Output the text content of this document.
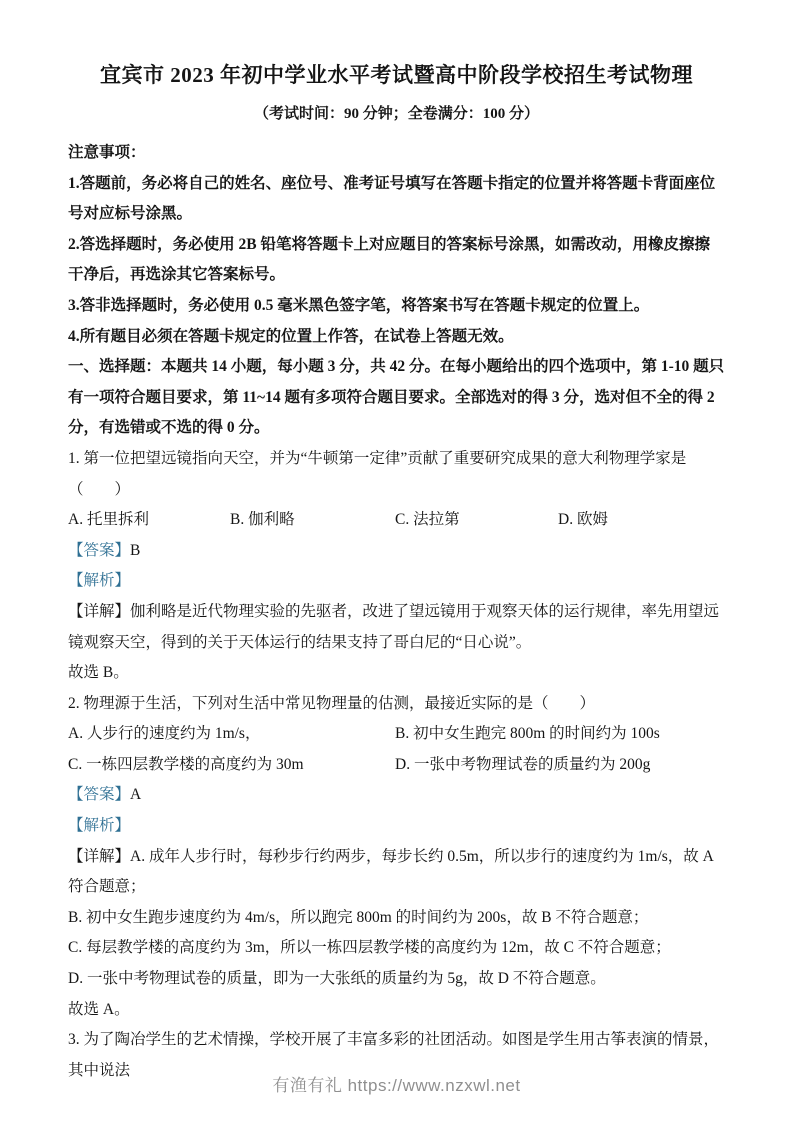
宜宾市 2023 年初中学业水平考试暨高中阶段学校招生考试物理

（考试时间：90 分钟；全卷满分：100 分）

注意事项：

1.答题前，务必将自己的姓名、座位号、准考证号填写在答题卡指定的位置并将答题卡背面座位号对应标号涂黑。

2.答选择题时，务必使用 2B 铅笔将答题卡上对应题目的答案标号涂黑，如需改动，用橡皮擦擦干净后，再选涂其它答案标号。

3.答非选择题时，务必使用 0.5 毫米黑色签字笔，将答案书写在答题卡规定的位置上。

4.所有题目必须在答题卡规定的位置上作答，在试卷上答题无效。

一、选择题：本题共 14 小题，每小题 3 分，共 42 分。在每小题给出的四个选项中，第 1-10 题只有一项符合题目要求，第 11~14 题有多项符合题目要求。全部选对的得 3 分，选对但不全的得 2 分，有选错或不选的得 0 分。

1. 第一位把望远镜指向天空，并为“牛顿第一定律”贡献了重要研究成果的意大利物理学家是（　　）

A. 托里拆利	B. 伽利略	C. 法拉第	D. 欧姆

【答案】B

【解析】

【详解】伽利略是近代物理实验的先驱者，改进了望远镜用于观察天体的运行规律，率先用望远镜观察天空，得到的关于天体运行的结果支持了哥白尼的“日心说”。

故选 B。

2. 物理源于生活，下列对生活中常见物理量的估测，最接近实际的是（　　）

A. 人步行的速度约为 1m/s，	B. 初中女生跑完 800m 的时间约为 100s
C. 一栋四层教学楼的高度约为 30m	D. 一张中考物理试卷的质量约为 200g

【答案】A

【解析】

【详解】A. 成年人步行时，每秒步行约两步，每步长约 0.5m，所以步行的速度约为 1m/s，故 A 符合题意；

B. 初中女生跑步速度约为 4m/s，所以跑完 800m 的时间约为 200s，故 B 不符合题意；

C. 每层教学楼的高度约为 3m，所以一栋四层教学楼的高度约为 12m，故 C 不符合题意；

D. 一张中考物理试卷的质量，即为一大张纸的质量约为 5g，故 D 不符合题意。

故选 A。

3. 为了陶冶学生的艺术情操，学校开展了丰富多彩的社团活动。如图是学生用古筝表演的情景，其中说法

有渔有礼 https://www.nzxwl.net
